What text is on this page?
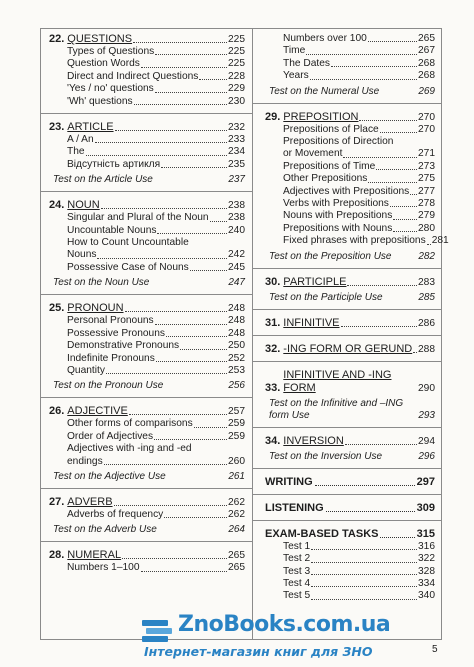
22. QUESTIONS	225
Types of Questions	225
Question Words	225
Direct and Indirect Questions	228
'Yes / no' questions	229
'Wh' questions	230
23. ARTICLE	232
A / An	233
The	234
Відсутність артикля	235
Test on the Article Use	237
24. NOUN	238
Singular and Plural of the Noun 238
Uncountable Nouns	240
How to Count Uncountable
Nouns	242
Possessive Case of Nouns	245
Test on the Noun Use	247
25. PRONOUN	248
Personal Pronouns	248
Possessive Pronouns	248
Demonstrative Pronouns	250
Indefinite Pronouns	252
Quantity	253
Test on the Pronoun Use	256
26. ADJECTIVE	257
Other forms of comparisons	259
Order of Adjectives	259
Adjectives with -ing and -ed
endings	260
Test on the Adjective Use	261
27. ADVERB	262
Adverbs of frequency	262
Test on the Adverb Use	264
28. NUMERAL	265
Numbers 1–100	265
Numbers over 100	265
Time	267
The Dates	268
Years	268
Test on the Numeral Use	269
29. PREPOSITION	270
Prepositions of Place	270
Prepositions of Direction
or Movement	271
Prepositions of Time	273
Other Prepositions	275
Adjectives with Prepositions 277
Verbs with Prepositions	278
Nouns with Prepositions	279
Prepositions with Nouns	280
Fixed phrases with prepositions 281
Test on the Preposition Use	282
30. PARTICIPLE	283
Test on the Participle Use	285
31. INFINITIVE	286
32. -ING FORM OR GERUND 288
33.
INFINITIVE AND -ING FORM	290
Test on the Infinitive and –ING
form Use	293
34. INVERSION	294
Test on the Inversion Use	296
WRITING	297
LISTENING	309
EXAM-BASED TASKS	315
Test 1	316
Test 2	322
Test 3	328
Test 4	334
Test 5	340
5
ZnoBooks.com.ua
Інтернет-магазин книг для ЗНО
